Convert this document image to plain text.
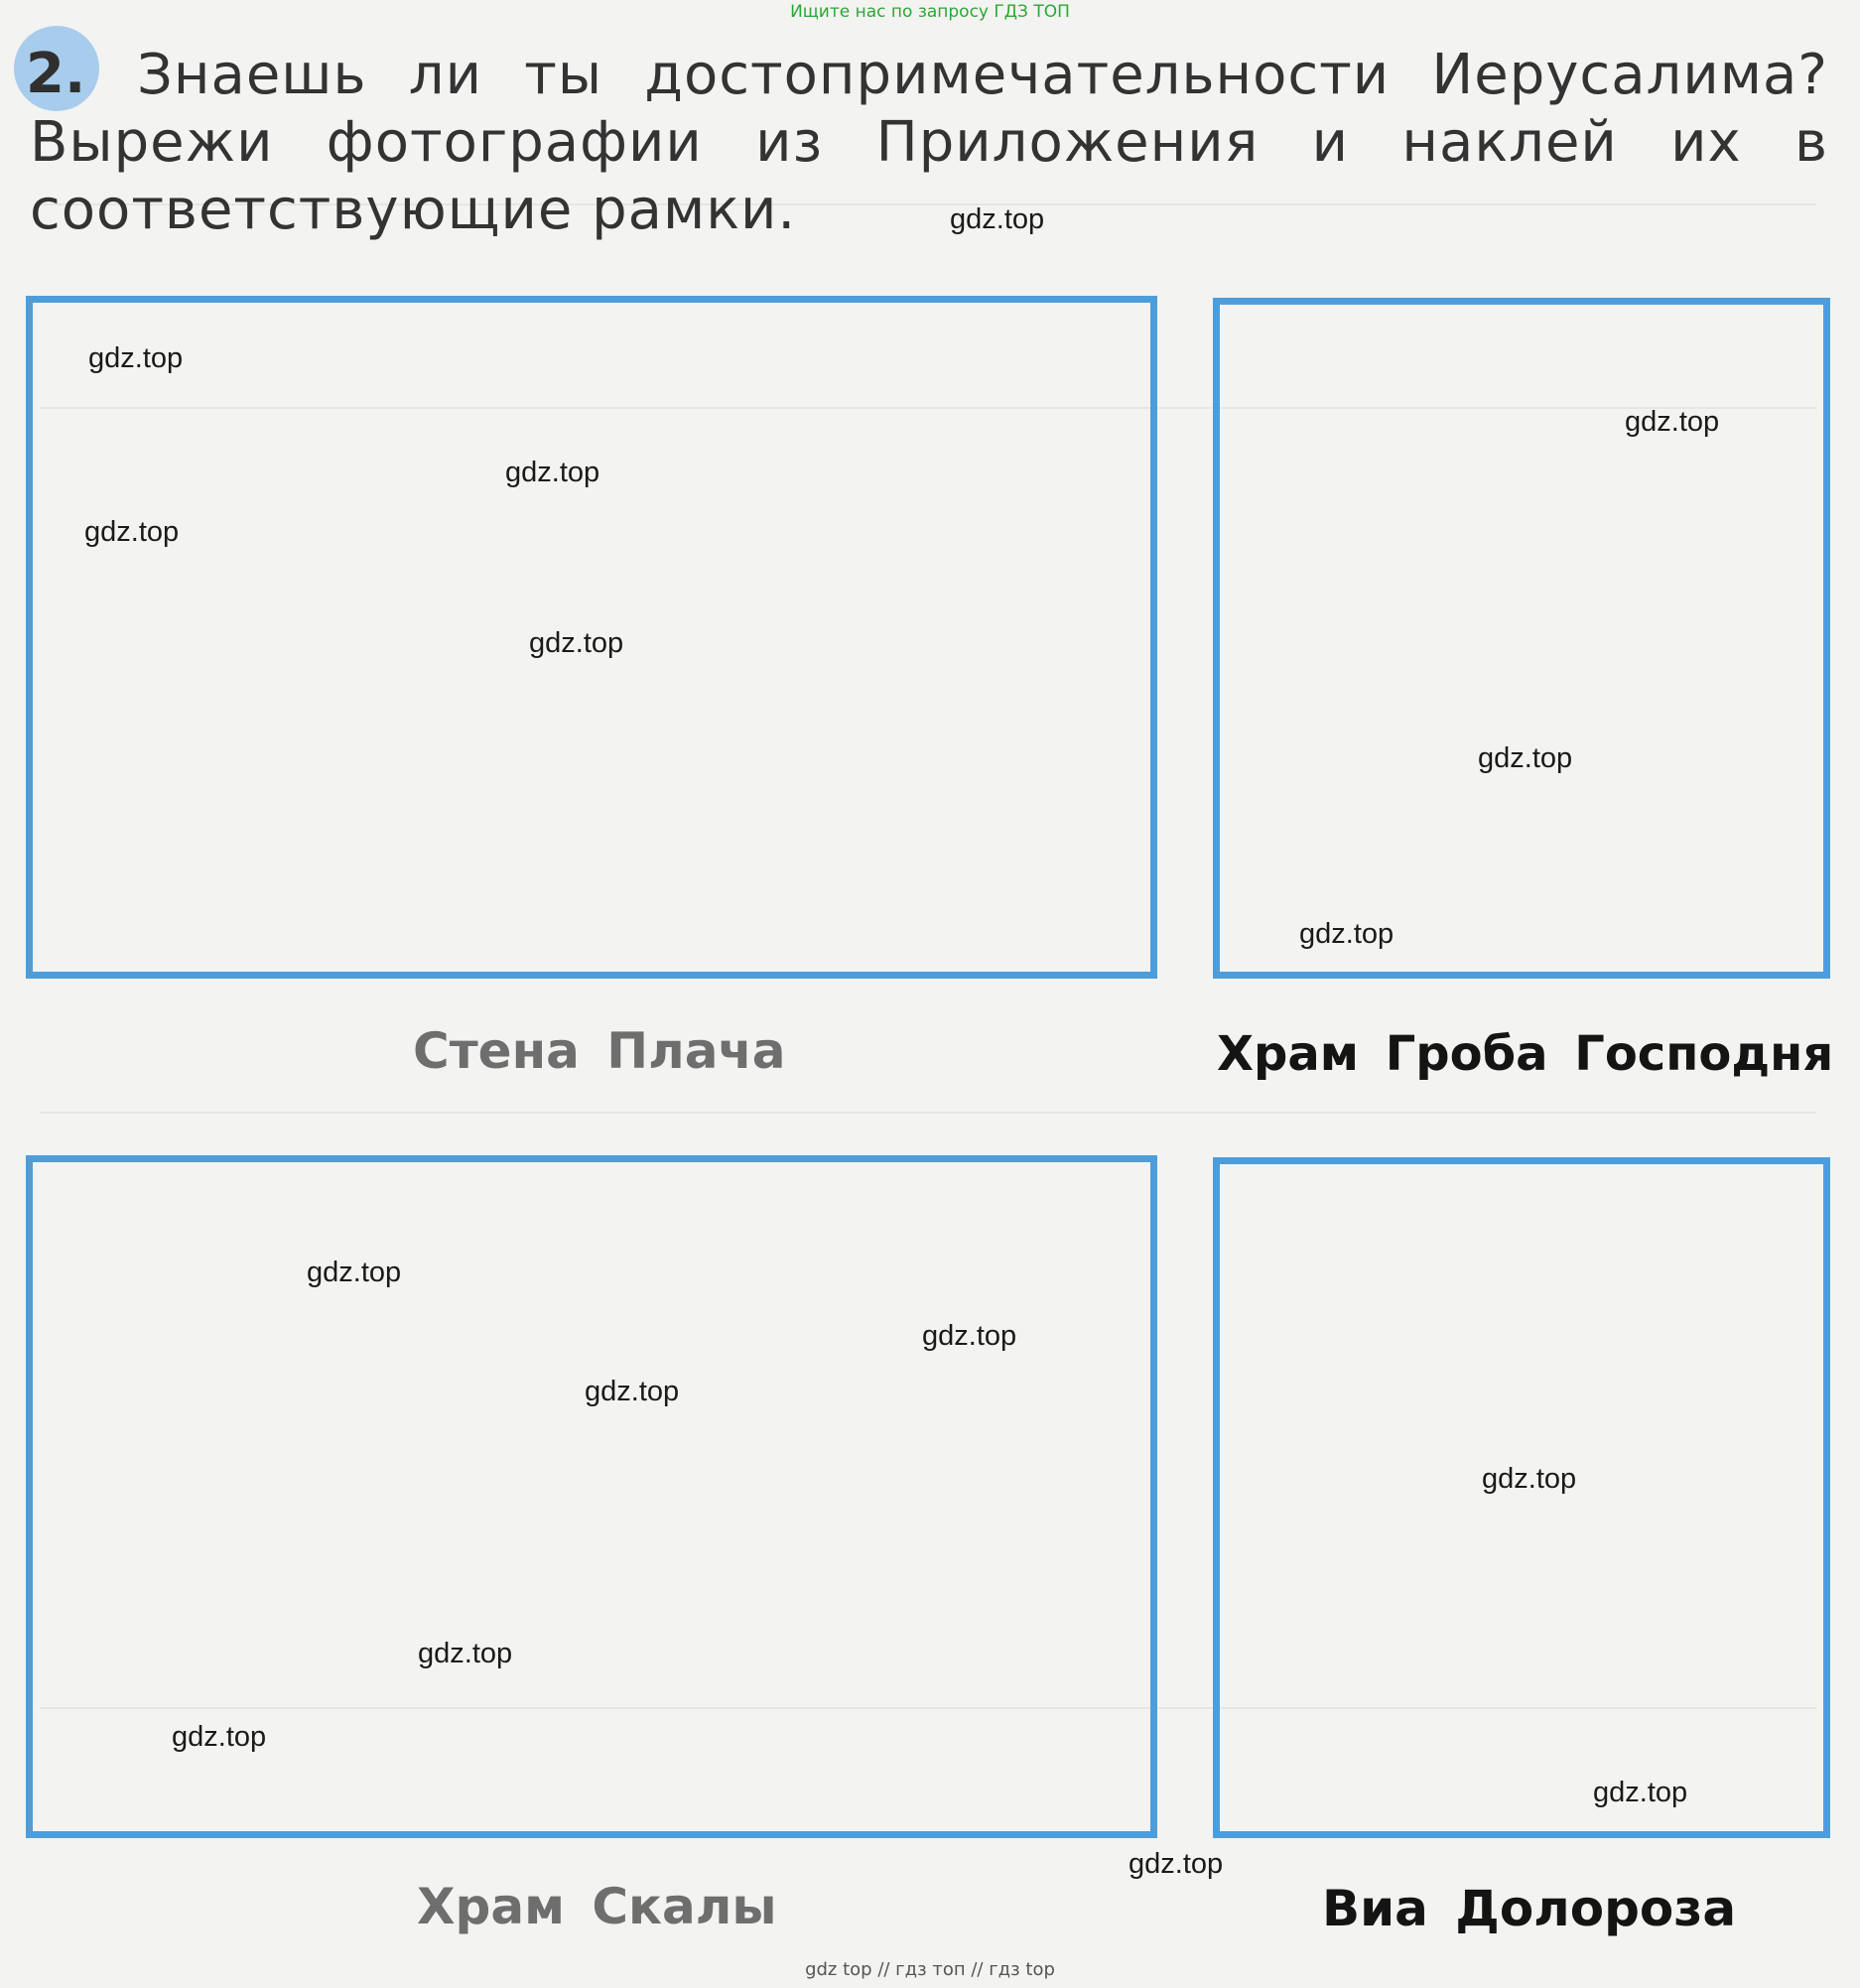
Ищите нас по запросу ГДЗ ТОП
2. Знаешь ли ты достопримечательности Иерусалима? Вырежи фотографии из Приложения и наклей их в соответствующие рамки.
Стена Плача	Храм Гроба Господня
Храм Скалы	Виа Долороза
gdz.top
gdz.top
gdz.top
gdz.top
gdz.top
gdz.top
gdz.top
gdz.top
gdz.top
gdz.top
gdz.top
gdz.top
gdz.top
gdz.top
gdz.top
gdz.top
gdz top // гдз топ // гдз top
